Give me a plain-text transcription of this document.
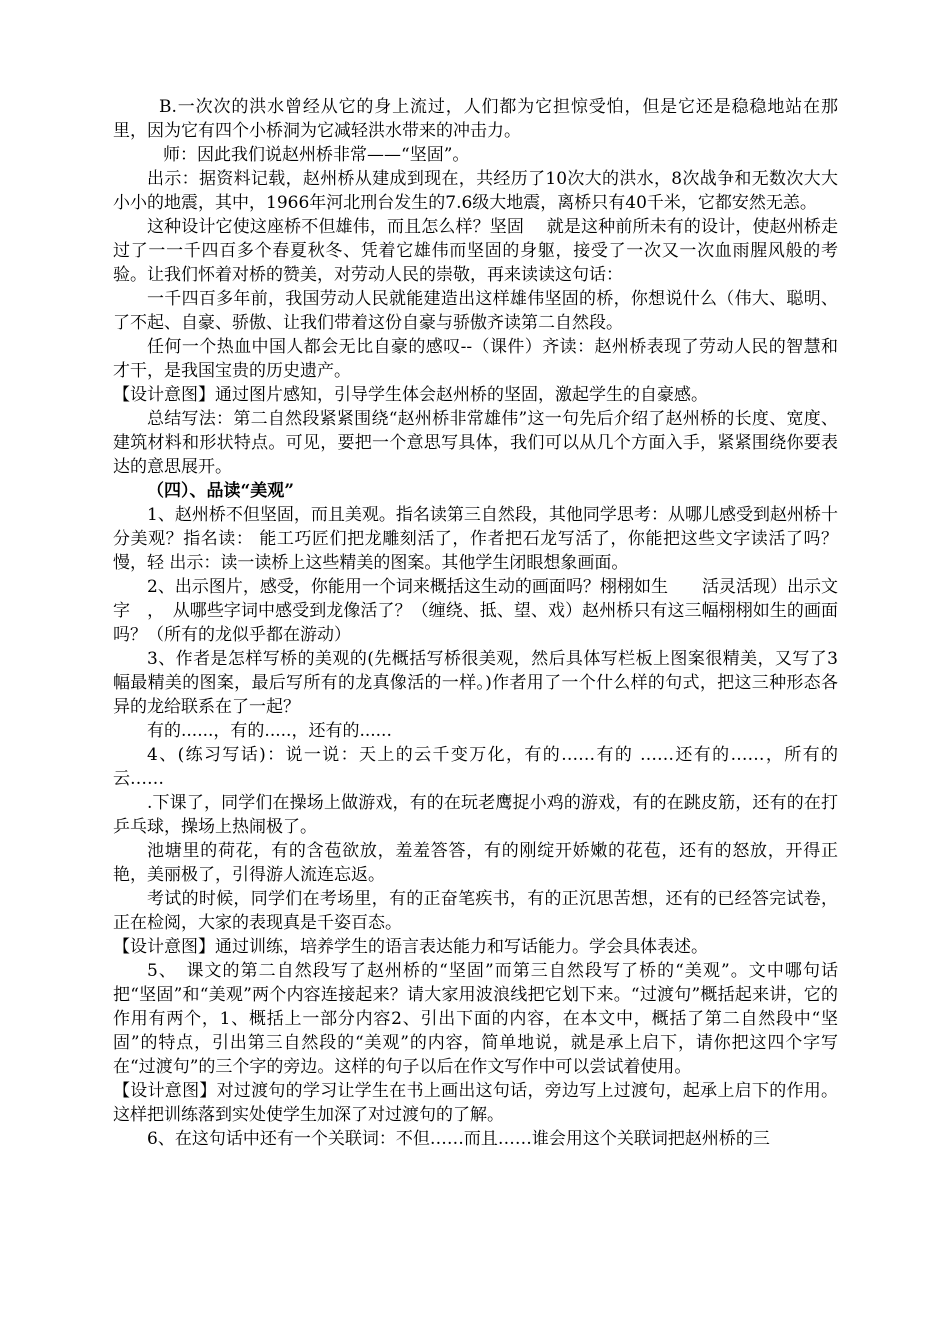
B.一次次的洪水曾经从它的身上流过，人们都为它担惊受怕，但是它还是稳稳地站在那里，因为它有四个小桥洞为它减轻洪水带来的冲击力。

师：因此我们说赵州桥非常——“坚固”。

出示：据资料记载，赵州桥从建成到现在，共经历了10次大的洪水，8次战争和无数次大大小小的地震，其中，1966年河北刑台发生的7.6级大地震，离桥只有40千米，它都安然无恙。

这种设计它使这座桥不但雄伟，而且怎么样？坚固　 就是这种前所未有的设计，使赵州桥走过了一一千四百多个春夏秋冬、凭着它雄伟而坚固的身躯，接受了一次又一次血雨腥风般的考验。让我们怀着对桥的赞美，对劳动人民的崇敬，再来读读这句话：

一千四百多年前，我国劳动人民就能建造出这样雄伟坚固的桥，你想说什么（伟大、聪明、了不起、自豪、骄傲、让我们带着这份自豪与骄傲齐读第二自然段。

任何一个热血中国人都会无比自豪的感叹--（课件）齐读：赵州桥表现了劳动人民的智慧和才干，是我国宝贵的历史遗产。

【设计意图】通过图片感知，引导学生体会赵州桥的坚固，激起学生的自豪感。

总结写法：第二自然段紧紧围绕“赵州桥非常雄伟”这一句先后介绍了赵州桥的长度、宽度、建筑材料和形状特点。可见，要把一个意思写具体，我们可以从几个方面入手，紧紧围绕你要表达的意思展开。

（四）、品读“美观”

1、赵州桥不但坚固，而且美观。指名读第三自然段，其他同学思考：从哪儿感受到赵州桥十分美观？指名读： 能工巧匠们把龙雕刻活了，作者把石龙写活了，你能把这些文字读活了吗？慢，轻 出示：读一读桥上这些精美的图案。其他学生闭眼想象画面。

2、出示图片，感受，你能用一个词来概括这生动的画面吗？栩栩如生　　活灵活现）出示文字　，　从哪些字词中感受到龙像活了？（缠绕、抵、望、戏）赵州桥只有这三幅栩栩如生的画面吗？（所有的龙似乎都在游动）

3、作者是怎样写桥的美观的(先概括写桥很美观，然后具体写栏板上图案很精美，又写了3幅最精美的图案，最后写所有的龙真像活的一样。)作者用了一个什么样的句式，把这三种形态各异的龙给联系在了一起？

有的......，有的.....，还有的......

4、(练习写话)：说一说：天上的云千变万化，有的……有的 ……还有的……，所有的云……

.下课了，同学们在操场上做游戏，有的在玩老鹰捉小鸡的游戏，有的在跳皮筋，还有的在打乒乓球，操场上热闹极了。

池塘里的荷花，有的含苞欲放，羞羞答答，有的刚绽开娇嫩的花苞，还有的怒放，开得正艳，美丽极了，引得游人流连忘返。

考试的时候，同学们在考场里，有的正奋笔疾书，有的正沉思苦想，还有的已经答完试卷，正在检阅，大家的表现真是千姿百态。

【设计意图】通过训练，培养学生的语言表达能力和写话能力。学会具体表述。

5、　课文的第二自然段写了赵州桥的“坚固”而第三自然段写了桥的“美观”。文中哪句话把“坚固”和“美观”两个内容连接起来？请大家用波浪线把它划下来。“过渡句”概括起来讲，它的作用有两个，1、概括上一部分内容2、引出下面的内容，在本文中，概括了第二自然段中“坚固”的特点，引出第三自然段的“美观”的内容，简单地说，就是承上启下，请你把这四个字写在“过渡句”的三个字的旁边。这样的句子以后在作文写作中可以尝试着使用。

【设计意图】对过渡句的学习让学生在书上画出这句话，旁边写上过渡句，起承上启下的作用。这样把训练落到实处使学生加深了对过渡句的了解。

6、在这句话中还有一个关联词：不但……而且……谁会用这个关联词把赵州桥的三
